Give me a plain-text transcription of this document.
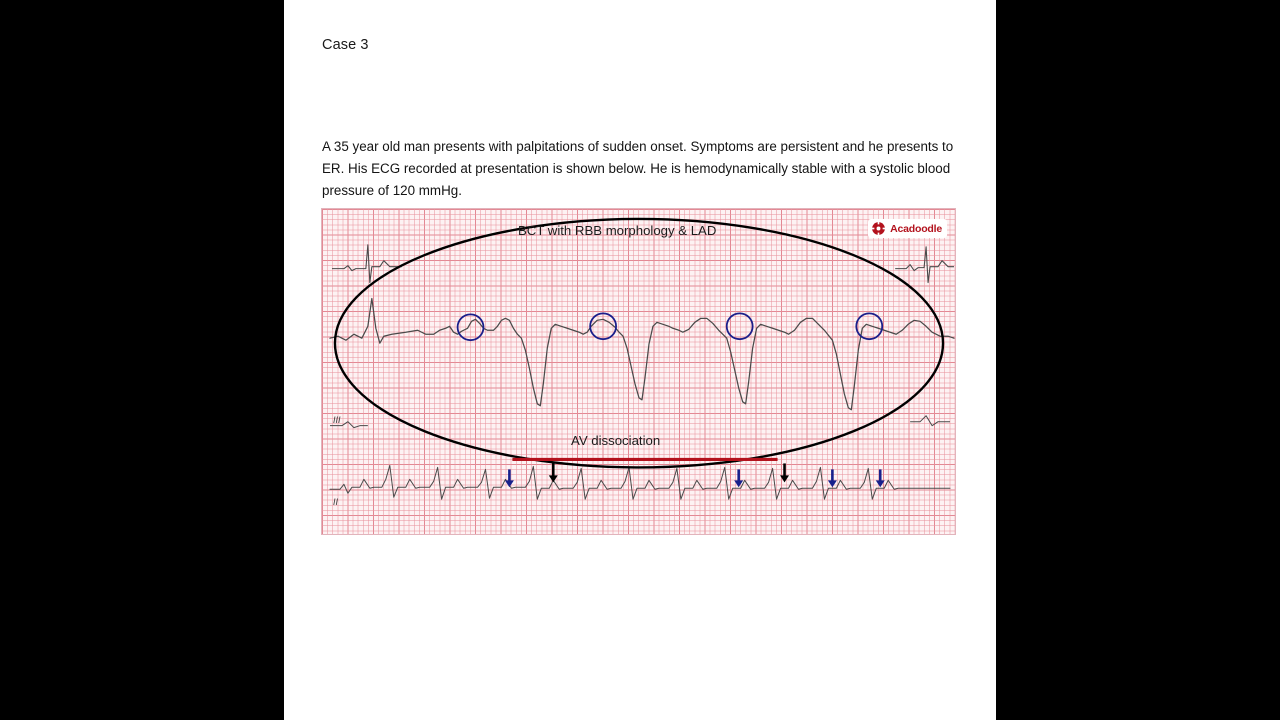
Case 3
A 35 year old man presents with palpitations of sudden onset. Symptoms are persistent and he presents to ER. His ECG recorded at presentation is shown below. He is hemodynamically stable with a systolic blood pressure of 120 mmHg.
BCT with RBB morphology & LAD
AV dissociation
III
II
Acadoodle
